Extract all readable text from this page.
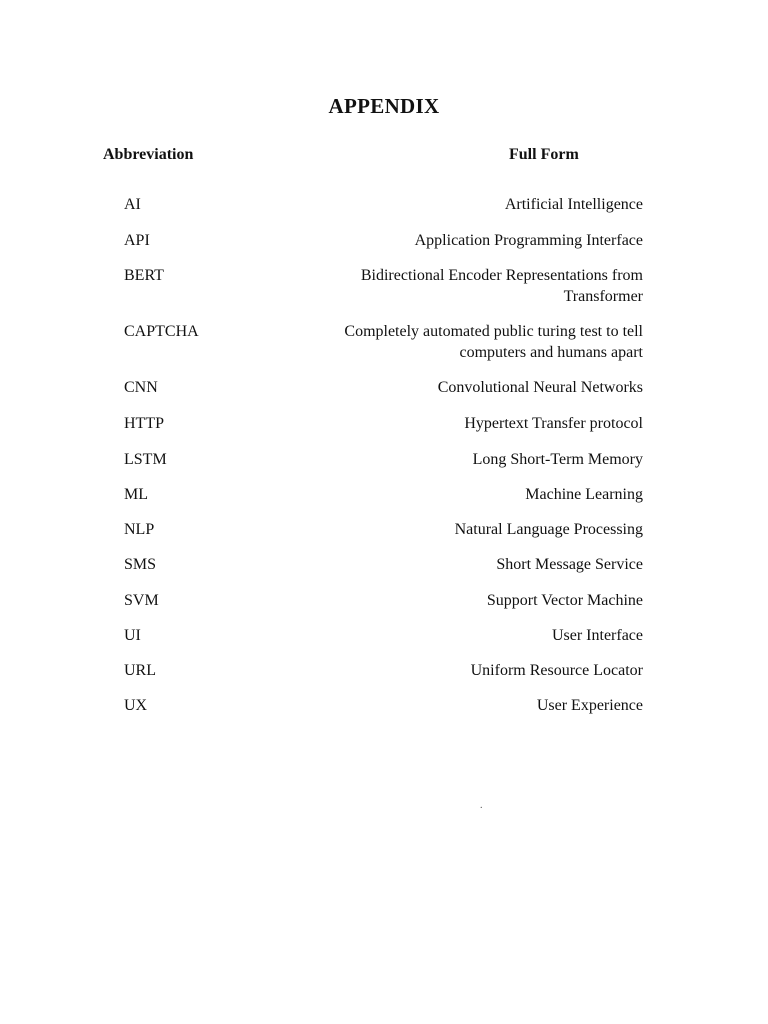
APPENDIX
Abbreviation	Full Form
AI	Artificial Intelligence
API	Application Programming Interface
BERT	Bidirectional Encoder Representations from Transformer
CAPTCHA	Completely automated public turing test to tell computers and humans apart
CNN	Convolutional Neural Networks
HTTP	Hypertext Transfer protocol
LSTM	Long Short-Term Memory
ML	Machine Learning
NLP	Natural Language Processing
SMS	Short Message Service
SVM	Support Vector Machine
UI	User Interface
URL	Uniform Resource Locator
UX	User Experience
.
